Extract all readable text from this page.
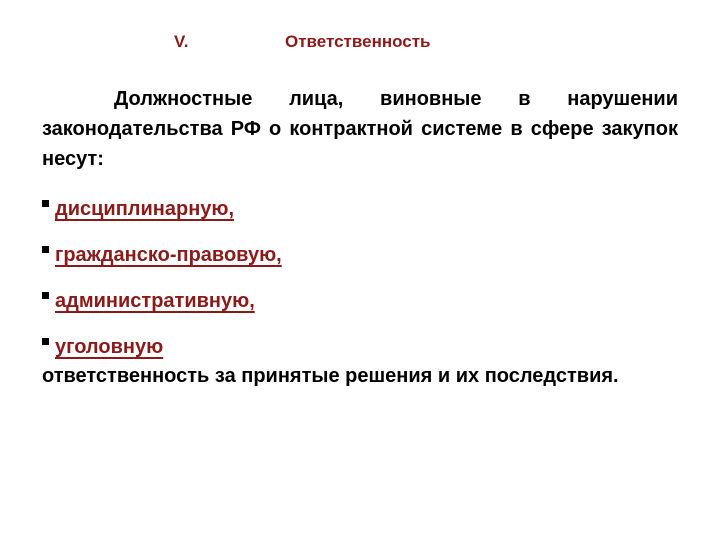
V.	Ответственность
Должностные лица, виновные в нарушении законодательства РФ о контрактной системе в сфере закупок несут:
дисциплинарную,
гражданско-правовую,
административную,
уголовную
ответственность за принятые решения и их последствия.
